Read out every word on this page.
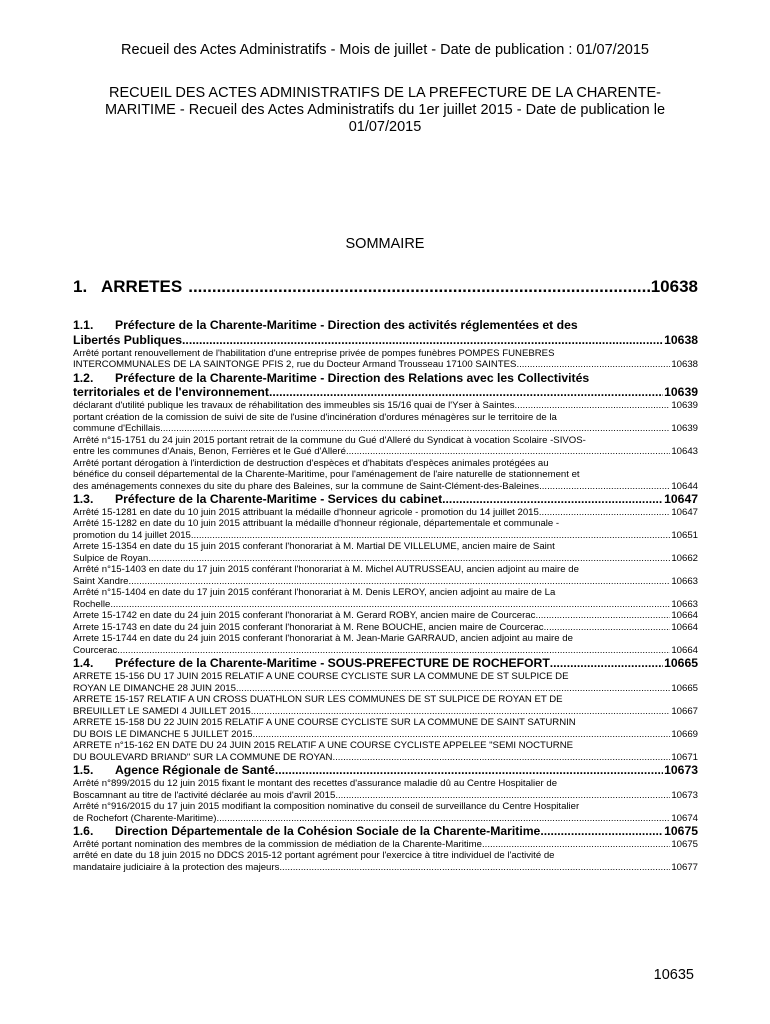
Recueil des Actes Administratifs - Mois de juillet - Date de publication : 01/07/2015
RECUEIL DES ACTES ADMINISTRATIFS DE LA PREFECTURE DE LA CHARENTE-
MARITIME - Recueil des Actes Administratifs du 1er juillet 2015 - Date de publication le
01/07/2015
SOMMAIRE
1. ARRETES .....	10638
1.1. Préfecture de la Charente-Maritime - Direction des activités réglementées et des
Libertés Publiques .....	10638
Arrêté portant renouvellement de l'habilitation d'une entreprise privée de pompes funèbres POMPES FUNEBRES
INTERCOMMUNALES DE LA SAINTONGE PFIS 2, rue du Docteur Armand Trousseau 17100 SAINTES .....	10638
1.2. Préfecture de la Charente-Maritime - Direction des Relations avec les Collectivités
territoriales et de l'environnement .....	10639
déclarant d'utilité publique les travaux de réhabilitation des immeubles sis 15/16 quai de l'Yser à Saintes. .....	10639
portant création de la comission de suivi de site de l'usine d'incinération d'ordures ménagères sur le territoire de la
commune d'Echillais .....	10639
Arrêté n°15-1751 du 24 juin 2015 portant retrait de la commune du Gué d'Alleré du Syndicat à vocation Scolaire -SIVOS-
entre les communes d'Anais, Benon, Ferrières et le Gué d'Alleré. .....	10643
Arrêté portant dérogation à l'interdiction de destruction d'espèces et d'habitats d'espèces animales protégées au
bénéfice du conseil départemental de la Charente-Maritime, pour l'aménagement de l'aire naturelle de stationnement et
des aménagements connexes du site du phare des Baleines, sur la commune de Saint-Clément-des-Baleines .....	10644
1.3.	Préfecture de la Charente-Maritime - Services du cabinet .....	10647
Arrêté 15-1281 en date du 10 juin 2015 attribuant la médaille d'honneur agricole - promotion du 14 juillet 2015 .....	10647
Arrêté 15-1282 en date du 10 juin 2015 attribuant la médaille d'honneur régionale, départementale et communale -
promotion du 14 juillet 2015 .....	10651
Arrete 15-1354 en date du 15 juin 2015 conferant l'honorariat à M. Martial DE VILLELUME, ancien maire de Saint
Sulpice de Royan .....	10662
Arrêté n°15-1403 en date du 17 juin 2015 conférant l'honorariat à M. Michel AUTRUSSEAU, ancien adjoint au maire de
Saint Xandre .....	10663
Arrêté n°15-1404 en date du 17 juin 2015 conférant l'honorariat à M. Denis LEROY, ancien adjoint au maire de La
Rochelle .....	10663
Arrete 15-1742 en date du 24 juin 2015 conferant l'honorariat à M. Gerard ROBY, ancien maire de Courcerac .....	10664
Arrete 15-1743 en date du 24 juin 2015 conferant l'honorariat à M. Rene BOUCHE, ancien maire de Courcerac .....	10664
Arrete 15-1744 en date du 24 juin 2015 conferant l'honorariat à M. Jean-Marie GARRAUD, ancien adjoint au maire de
Courcerac .....	10664
1.4.	Préfecture de la Charente-Maritime - SOUS-PREFECTURE DE ROCHEFORT .....	10665
ARRETE 15-156 DU 17 JUIN 2015 RELATIF A UNE COURSE CYCLISTE SUR LA COMMUNE DE ST SULPICE DE
ROYAN LE DIMANCHE 28 JUIN 2015 .....	10665
ARRETE 15-157 RELATIF A UN CROSS DUATHLON SUR LES COMMUNES DE ST SULPICE DE ROYAN ET DE
BREUILLET LE SAMEDI 4 JUILLET 2015 .....	10667
ARRETE 15-158 DU 22 JUIN 2015 RELATIF A UNE COURSE CYCLISTE SUR LA COMMUNE DE SAINT SATURNIN
DU BOIS LE DIMANCHE 5 JUILLET 2015 .....	10669
ARRETE n°15-162 EN DATE DU 24 JUIN 2015 RELATIF A UNE COURSE CYCLISTE APPELEE "SEMI NOCTURNE
DU BOULEVARD BRIAND" SUR LA COMMUNE DE ROYAN .....	10671
1.5.	Agence Régionale de Santé .....	10673
Arrêté n°899/2015 du 12 juin 2015 fixant le montant des recettes d'assurance maladie dû au Centre Hospitalier de
Boscamnant au titre de l'activité déclarée au mois d'avril 2015 .....	10673
Arrêté n°916/2015 du 17 juin 2015 modifiant la composition nominative du conseil de surveillance du Centre Hospitalier
de Rochefort (Charente-Maritime) .....	10674
1.6.	Direction Départementale de la Cohésion Sociale de la Charente-Maritime .....	10675
Arrêté portant nomination des membres de la commission de médiation de la Charente-Maritime .....	10675
arrêté en date du 18 juin 2015 no DDCS 2015-12 portant agrément pour l'exercice à titre individuel de l'activité de
mandataire judiciaire à la protection des majeurs .....	10677
10635
